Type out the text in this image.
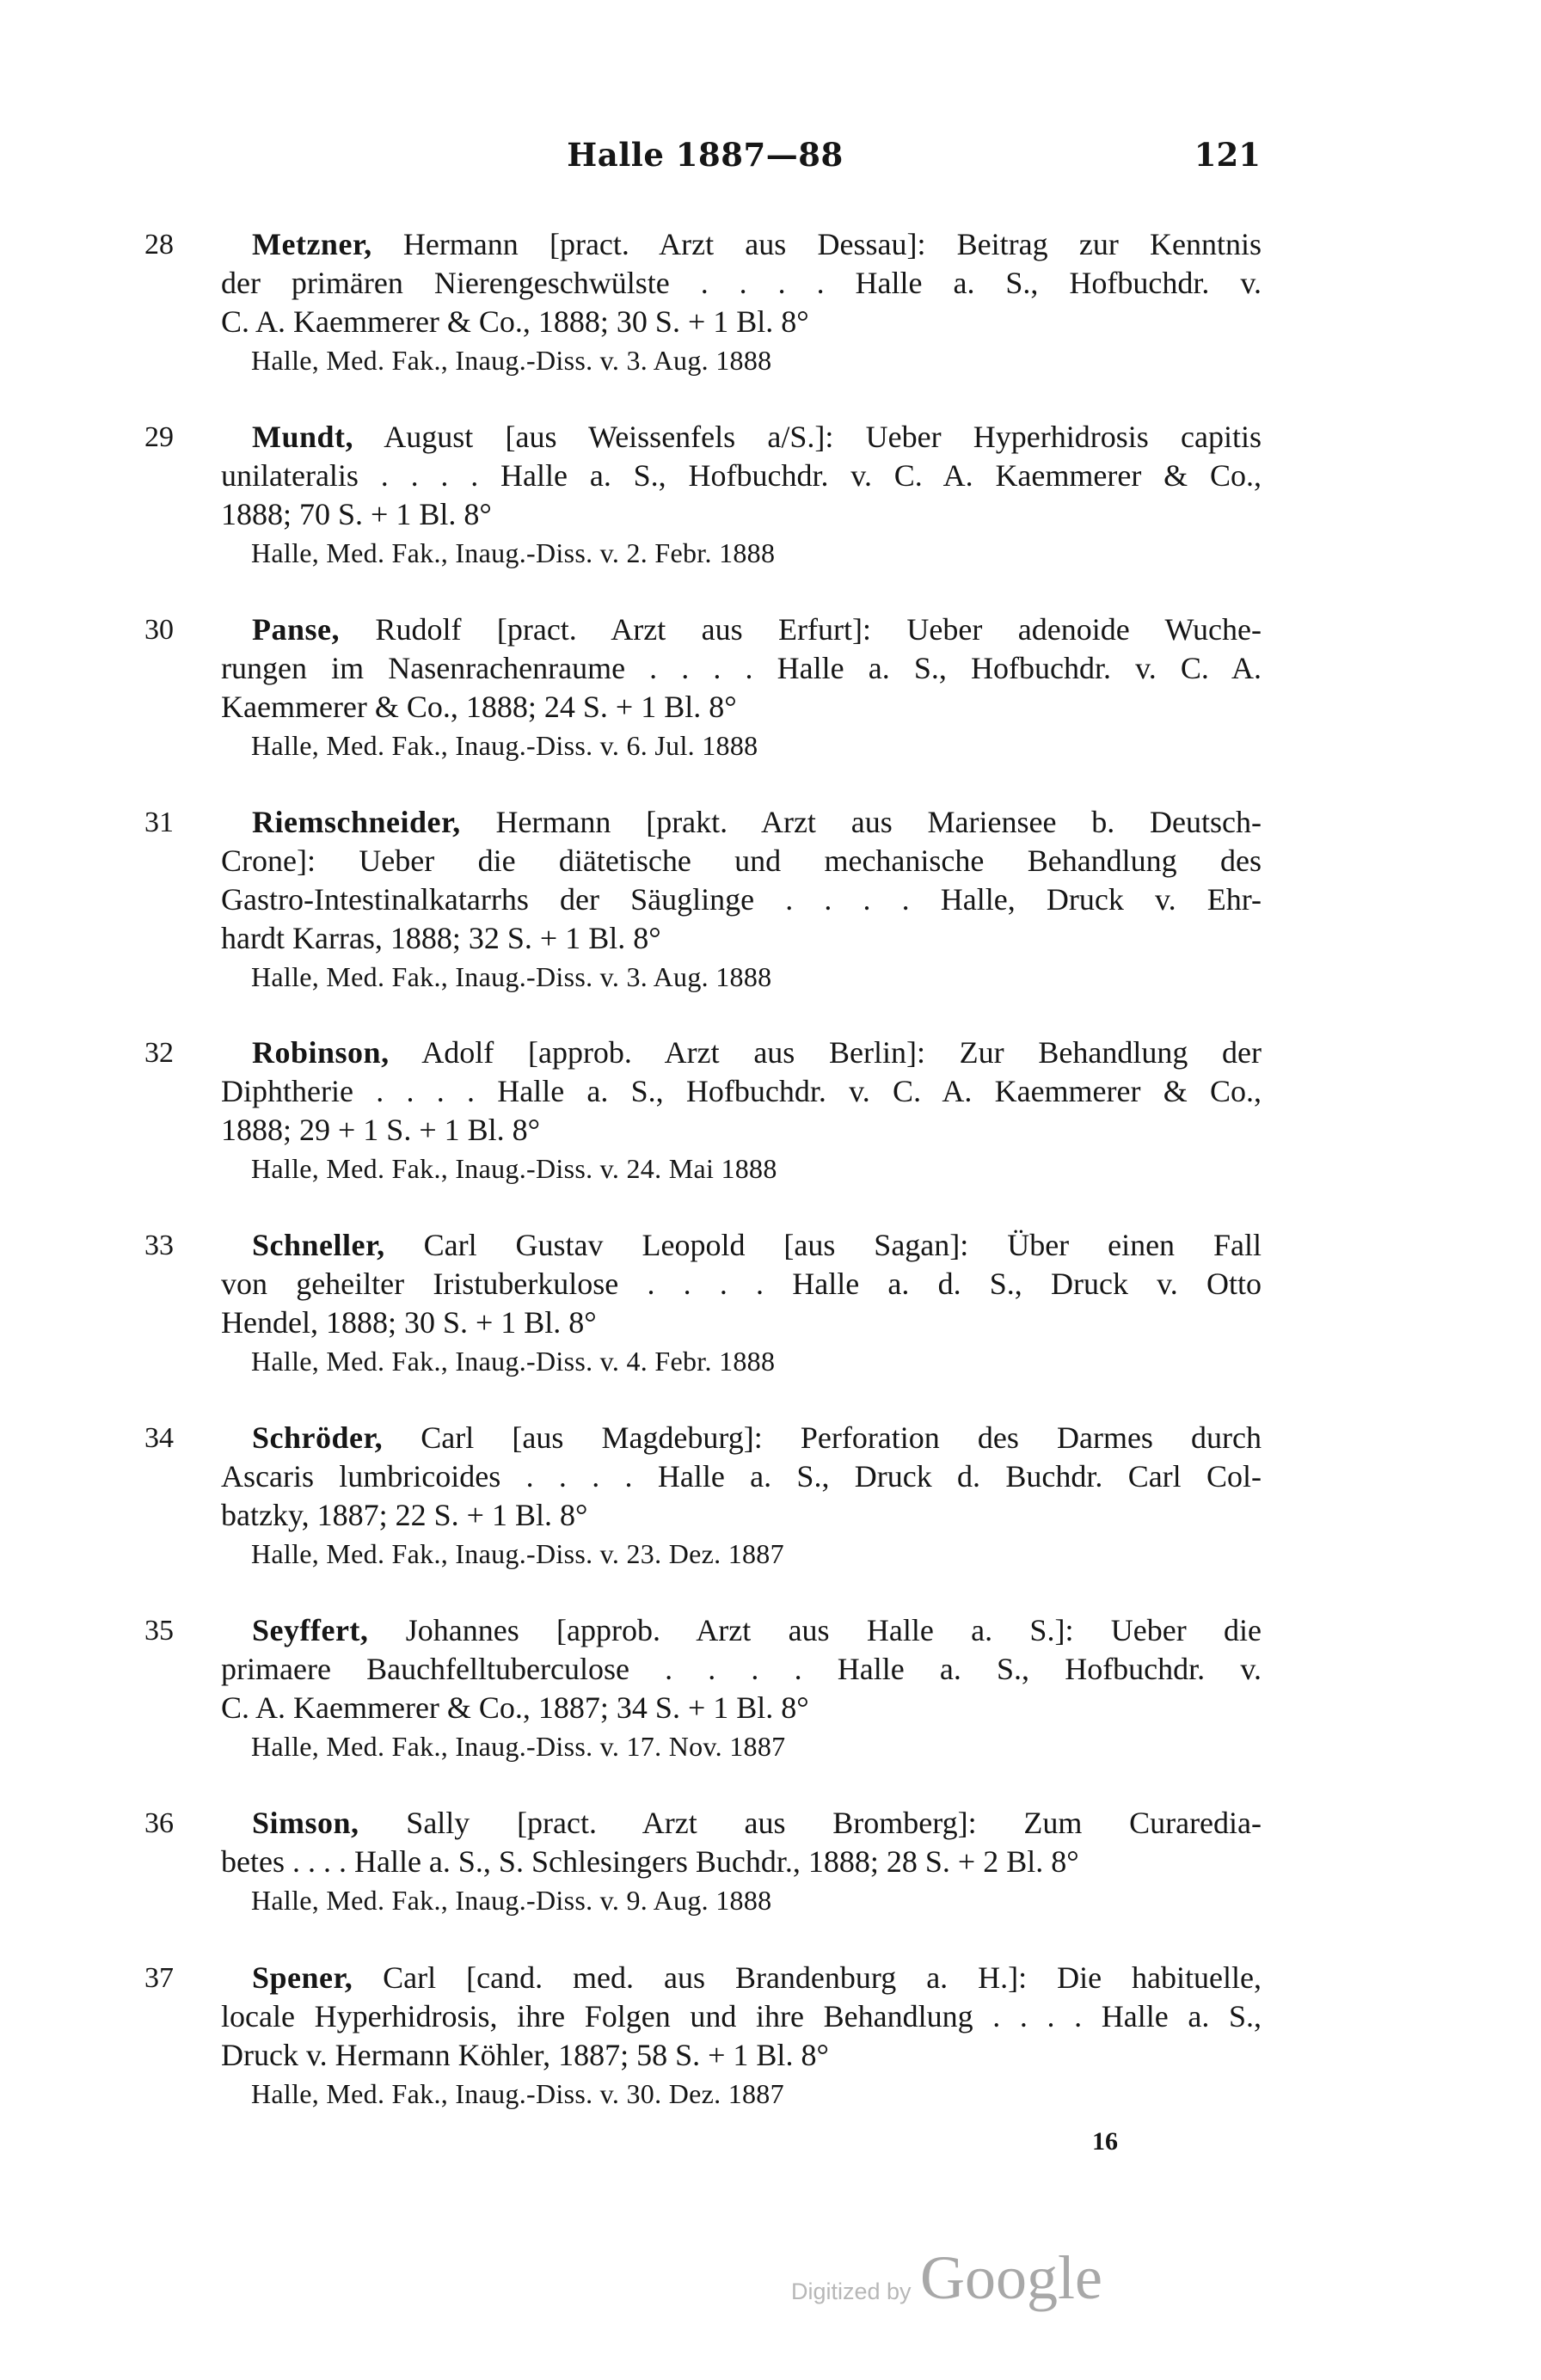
Halle 1887—88	121
28	Metzner, Hermann [pract. Arzt aus Dessau]: Beitrag zur Kenntnis
der primären Nierengeschwülste . . . . Halle a. S., Hofbuchdr. v.
C. A. Kaemmerer & Co., 1888; 30 S. + 1 Bl. 8°
Halle, Med. Fak., Inaug.-Diss. v. 3. Aug. 1888
29	Mundt, August [aus Weissenfels a/S.]: Ueber Hyperhidrosis capitis
unilateralis . . . . Halle a. S., Hofbuchdr. v. C. A. Kaemmerer & Co.,
1888; 70 S. + 1 Bl. 8°
Halle, Med. Fak., Inaug.-Diss. v. 2. Febr. 1888
30	Panse, Rudolf [pract. Arzt aus Erfurt]: Ueber adenoide Wuche-
rungen im Nasenrachenraume . . . . Halle a. S., Hofbuchdr. v. C. A.
Kaemmerer & Co., 1888; 24 S. + 1 Bl. 8°
Halle, Med. Fak., Inaug.-Diss. v. 6. Jul. 1888
31	Riemschneider, Hermann [prakt. Arzt aus Mariensee b. Deutsch-
Crone]: Ueber die diätetische und mechanische Behandlung des
Gastro-Intestinalkatarrhs der Säuglinge . . . . Halle, Druck v. Ehr-
hardt Karras, 1888; 32 S. + 1 Bl. 8°
Halle, Med. Fak., Inaug.-Diss. v. 3. Aug. 1888
32	Robinson, Adolf [approb. Arzt aus Berlin]: Zur Behandlung der
Diphtherie . . . . Halle a. S., Hofbuchdr. v. C. A. Kaemmerer & Co.,
1888; 29 + 1 S. + 1 Bl. 8°
Halle, Med. Fak., Inaug.-Diss. v. 24. Mai 1888
33	Schneller, Carl Gustav Leopold [aus Sagan]: Über einen Fall
von geheilter Iristuberkulose . . . . Halle a. d. S., Druck v. Otto
Hendel, 1888; 30 S. + 1 Bl. 8°
Halle, Med. Fak., Inaug.-Diss. v. 4. Febr. 1888
34	Schröder, Carl [aus Magdeburg]: Perforation des Darmes durch
Ascaris lumbricoides . . . . Halle a. S., Druck d. Buchdr. Carl Col-
batzky, 1887; 22 S. + 1 Bl. 8°
Halle, Med. Fak., Inaug.-Diss. v. 23. Dez. 1887
35	Seyffert, Johannes [approb. Arzt aus Halle a. S.]: Ueber die
primaere Bauchfelltuberculose . . . . Halle a. S., Hofbuchdr. v.
C. A. Kaemmerer & Co., 1887; 34 S. + 1 Bl. 8°
Halle, Med. Fak., Inaug.-Diss. v. 17. Nov. 1887
36	Simson, Sally [pract. Arzt aus Bromberg]: Zum Curaredia-
betes . . . . Halle a. S., S. Schlesingers Buchdr., 1888; 28 S. + 2 Bl. 8°
Halle, Med. Fak., Inaug.-Diss. v. 9. Aug. 1888
37	Spener, Carl [cand. med. aus Brandenburg a. H.]: Die habituelle,
locale Hyperhidrosis, ihre Folgen und ihre Behandlung . . . . Halle a. S.,
Druck v. Hermann Köhler, 1887; 58 S. + 1 Bl. 8°
Halle, Med. Fak., Inaug.-Diss. v. 30. Dez. 1887
16
Digitized by Google
